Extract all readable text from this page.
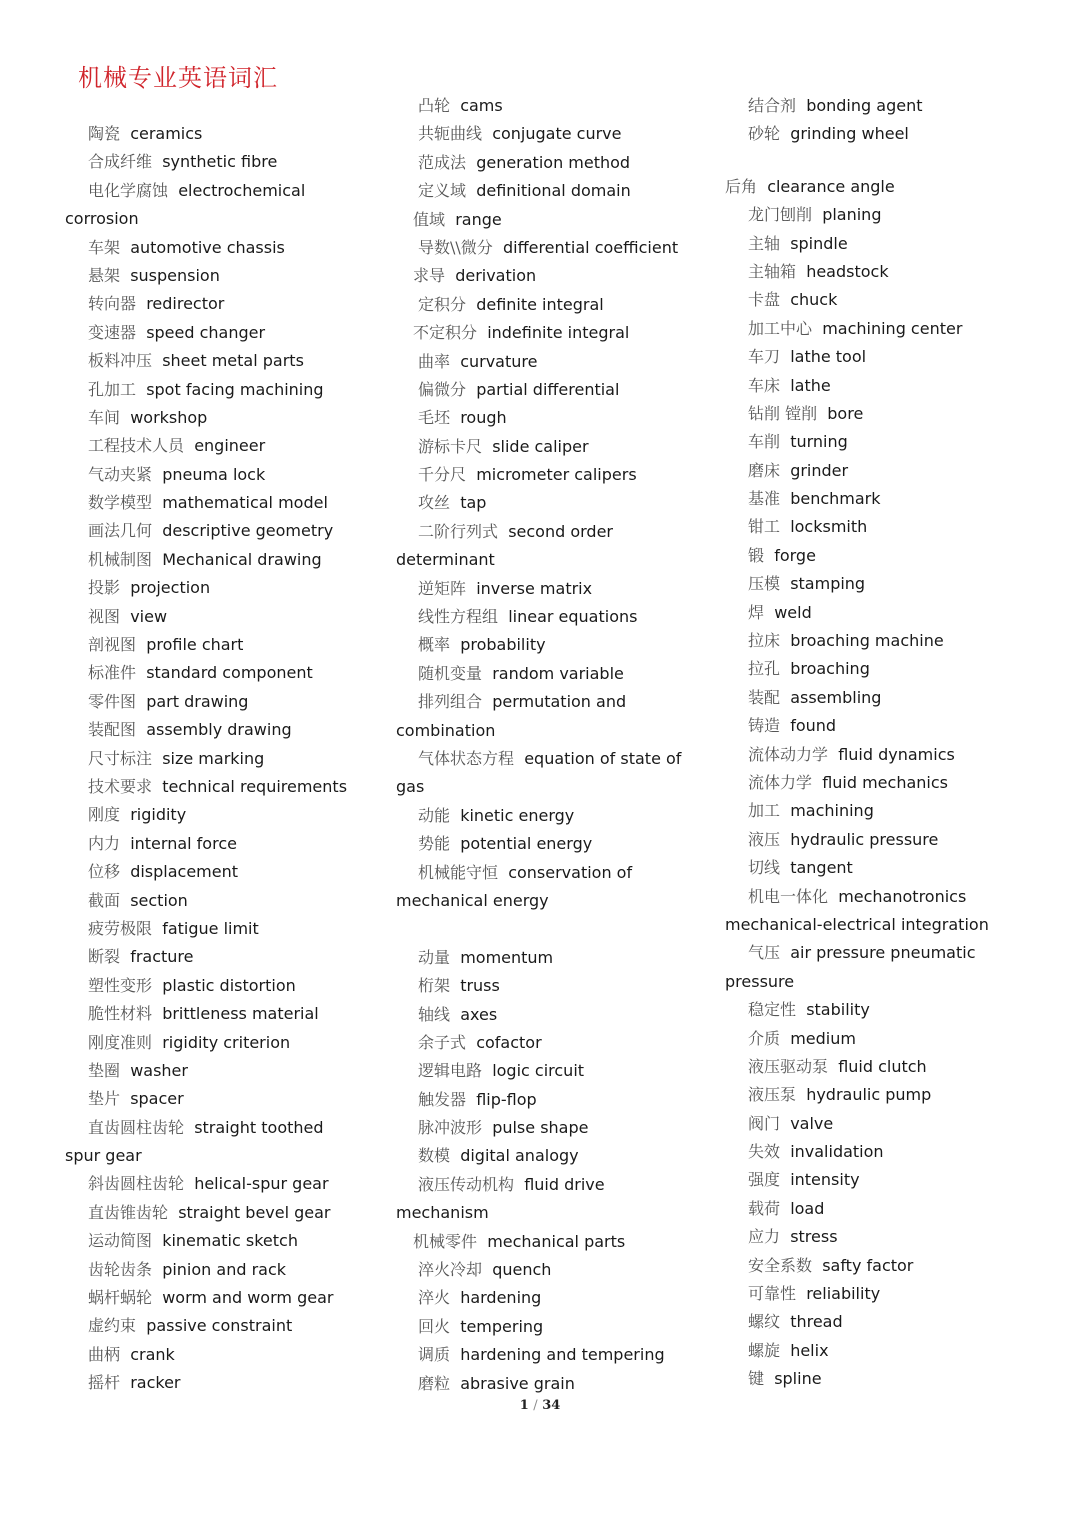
机械专业英语词汇
陶瓷 ceramics
合成纤维 synthetic fibre
电化学腐蚀 electrochemical
corrosion
车架 automotive chassis
悬架 suspension
转向器 redirector
变速器 speed changer
板料冲压 sheet metal parts
孔加工 spot facing machining
车间 workshop
工程技术人员 engineer
气动夹紧 pneuma lock
数学模型 mathematical model
画法几何 descriptive geometry
机械制图 Mechanical drawing
投影 projection
视图 view
剖视图 profile chart
标准件 standard component
零件图 part drawing
装配图 assembly drawing
尺寸标注 size marking
技术要求 technical requirements
刚度 rigidity
内力 internal force
位移 displacement
截面 section
疲劳极限 fatigue limit
断裂 fracture
塑性变形 plastic distortion
脆性材料 brittleness material
刚度准则 rigidity criterion
垫圈 washer
垫片 spacer
直齿圆柱齿轮 straight toothed
spur gear
斜齿圆柱齿轮 helical-spur gear
直齿锥齿轮 straight bevel gear
运动简图 kinematic sketch
齿轮齿条 pinion and rack
蜗杆蜗轮 worm and worm gear
虚约束 passive constraint
曲柄 crank
摇杆 racker
凸轮 cams
共轭曲线 conjugate curve
范成法 generation method
定义域 definitional domain
值域 range
导数\\微分 differential coefficient
求导 derivation
定积分 definite integral
不定积分 indefinite integral
曲率 curvature
偏微分 partial differential
毛坯 rough
游标卡尺 slide caliper
千分尺 micrometer calipers
攻丝 tap
二阶行列式 second order
determinant
逆矩阵 inverse matrix
线性方程组 linear equations
概率 probability
随机变量 random variable
排列组合 permutation and
combination
气体状态方程 equation of state of
gas
动能 kinetic energy
势能 potential energy
机械能守恒 conservation of
mechanical energy
动量 momentum
桁架 truss
轴线 axes
余子式 cofactor
逻辑电路 logic circuit
触发器 flip-flop
脉冲波形 pulse shape
数模 digital analogy
液压传动机构 fluid drive
mechanism
机械零件 mechanical parts
淬火冷却 quench
淬火 hardening
回火 tempering
调质 hardening and tempering
磨粒 abrasive grain
结合剂 bonding agent
砂轮 grinding wheel
后角 clearance angle
龙门刨削 planing
主轴 spindle
主轴箱 headstock
卡盘 chuck
加工中心 machining center
车刀 lathe tool
车床 lathe
钻削 镗削 bore
车削 turning
磨床 grinder
基准 benchmark
钳工 locksmith
锻 forge
压模 stamping
焊 weld
拉床 broaching machine
拉孔 broaching
装配 assembling
铸造 found
流体动力学 fluid dynamics
流体力学 fluid mechanics
加工 machining
液压 hydraulic pressure
切线 tangent
机电一体化 mechanotronics
mechanical-electrical integration
气压 air pressure pneumatic
pressure
稳定性 stability
介质 medium
液压驱动泵 fluid clutch
液压泵 hydraulic pump
阀门 valve
失效 invalidation
强度 intensity
载荷 load
应力 stress
安全系数 safty factor
可靠性 reliability
螺纹 thread
螺旋 helix
键 spline
1 / 34
